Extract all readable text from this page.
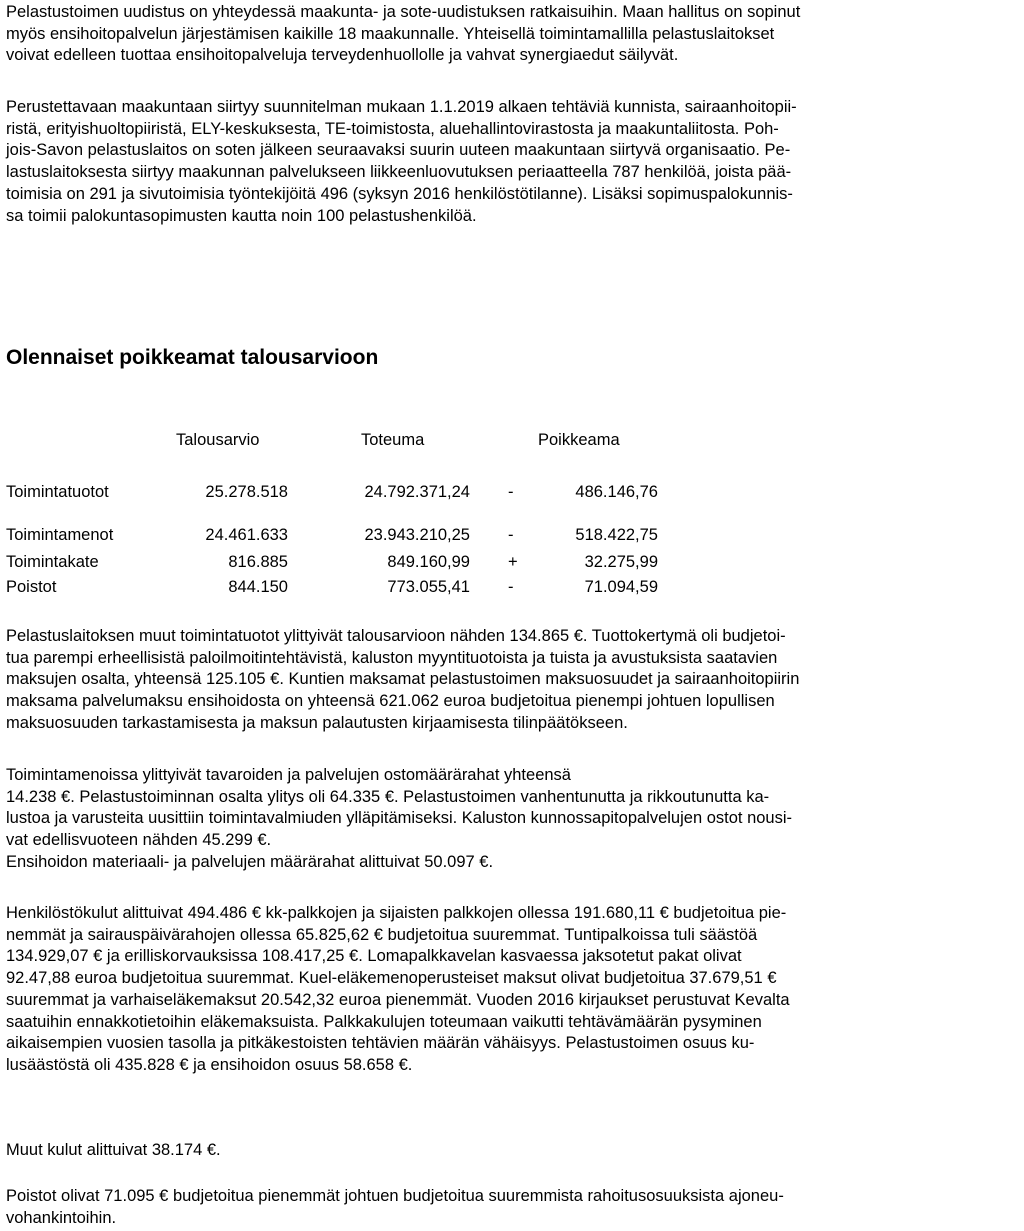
Pelastustoimen uudistus on yhteydessä maakunta- ja sote-uudistuksen ratkaisuihin. Maan hallitus on sopinut
myös ensihoitopalvelun järjestämisen kaikille 18 maakunnalle. Yhteisellä toimintamallilla pelastuslaitokset
voivat edelleen tuottaa ensihoitopalveluja terveydenhuollolle ja vahvat synergiaedut säilyvät.

Perustettavaan maakuntaan siirtyy suunnitelman mukaan 1.1.2019 alkaen tehtäviä kunnista, sairaanhoitopii-
ristä, erityishuoltopiiristä, ELY-keskuksesta, TE-toimistosta, aluehallintovirastosta ja maakuntaliitosta. Poh-
jois-Savon pelastuslaitos on soten jälkeen seuraavaksi suurin uuteen maakuntaan siirtyvä organisaatio. Pe-
lastuslaitoksesta siirtyy maakunnan palvelukseen liikkeenluovutuksen periaatteella 787 henkilöä, joista pää-
toimisia on 291 ja sivutoimisia työntekijöitä 496 (syksyn 2016 henkilöstötilanne). Lisäksi sopimuspalokunnis-
sa toimii palokuntasopimusten kautta noin 100 pelastushenkilöä.

Olennaiset poikkeamat talousarvioon
Talousarvio	Toteuma	Poikkeama
Toimintatuotot	25.278.518	24.792.371,24 -	486.146,76
Toimintamenot	24.461.633	23.943.210,25 -	518.422,75
Toimintakate	816.885	849.160,99 +	32.275,99
Poistot	844.150	773.055,41 -	71.094,59

Pelastuslaitoksen muut toimintatuotot ylittyivät talousarvioon nähden 134.865 €. Tuottokertymä oli budjetoi-
tua parempi erheellisistä paloilmoitintehtävistä, kaluston myyntituotoista ja tuista ja avustuksista saatavien
maksujen osalta, yhteensä 125.105 €. Kuntien maksamat pelastustoimen maksuosuudet ja sairaanhoitopiirin
maksama palvelumaksu ensihoidosta on yhteensä 621.062 euroa budjetoitua pienempi johtuen lopullisen
maksuosuuden tarkastamisesta ja maksun palautusten kirjaamisesta tilinpäätökseen.

Toimintamenoissa ylittyivät tavaroiden ja palvelujen ostomäärärahat yhteensä
14.238 €. Pelastustoiminnan osalta ylitys oli 64.335 €. Pelastustoimen vanhentunutta ja rikkoutunutta ka-
lustoa ja varusteita uusittiin toimintavalmiuden ylläpitämiseksi. Kaluston kunnossapitopalvelujen ostot nousi-
vat edellisvuoteen nähden 45.299 €.
Ensihoidon materiaali- ja palvelujen määrärahat alittuivat 50.097 €.

Henkilöstökulut alittuivat 494.486 € kk-palkkojen ja sijaisten palkkojen ollessa 191.680,11 € budjetoitua pie-
nemmät ja sairauspäivärahojen ollessa 65.825,62 € budjetoitua suuremmat. Tuntipalkoissa tuli säästöä
134.929,07 € ja erilliskorvauksissa 108.417,25 €. Lomapalkkavelan kasvaessa jaksotetut pakat olivat
92.47,88 euroa budjetoitua suuremmat. Kuel-eläkemenoperusteiset maksut olivat budjetoitua 37.679,51 €
suuremmat ja varhaiseläkemaksut 20.542,32 euroa pienemmät. Vuoden 2016 kirjaukset perustuvat Kevalta
saatuihin ennakkotietoihin eläkemaksuista. Palkkakulujen toteumaan vaikutti tehtävämäärän pysyminen
aikaisempien vuosien tasolla ja pitkäkestoisten tehtävien määrän vähäisyys. Pelastustoimen osuus ku-
lusäästöstä oli 435.828 € ja ensihoidon osuus 58.658 €.

Muut kulut alittuivat 38.174 €.

Poistot olivat 71.095 € budjetoitua pienemmät johtuen budjetoitua suuremmista rahoitusosuuksista ajoneu-
vohankintoihin.
